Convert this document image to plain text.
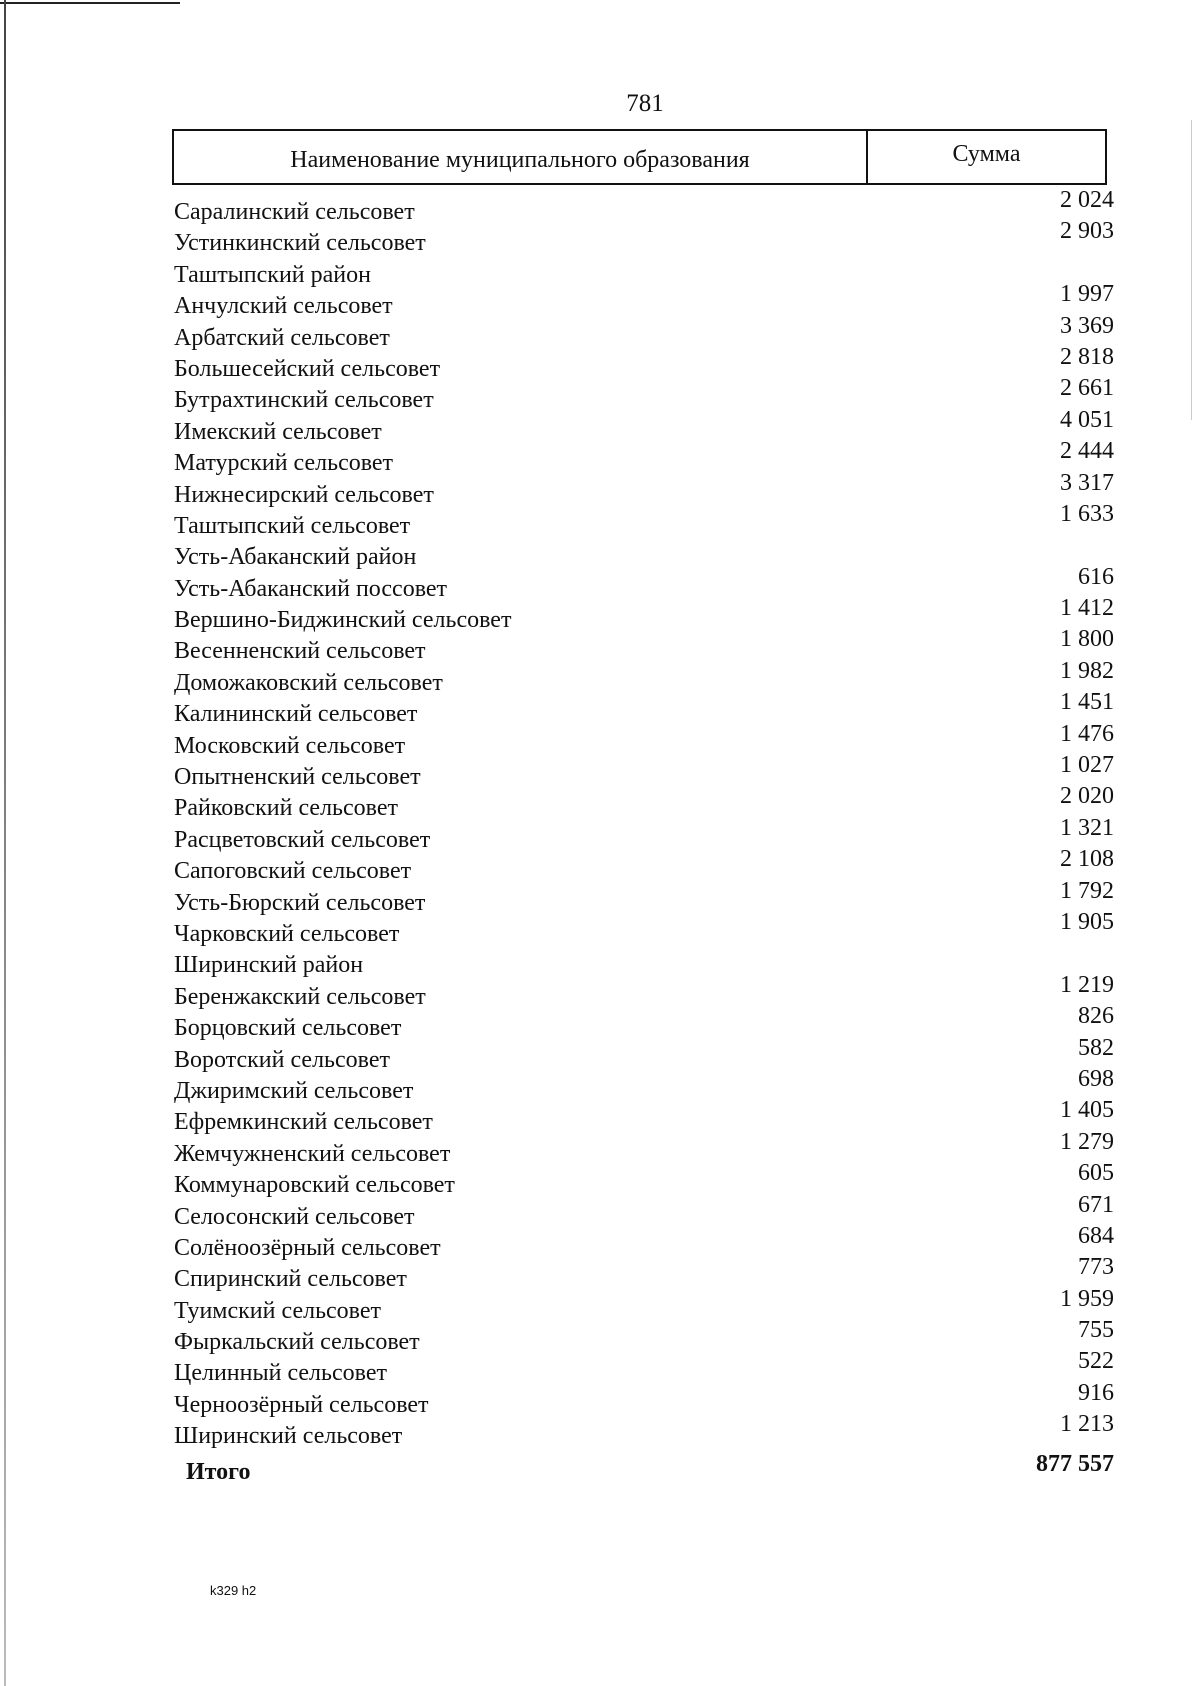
781
Наименование муниципального образования	Сумма
Саралинский сельсовет	2 024
Устинкинский сельсовет	2 903
Таштыпский район
Анчулский сельсовет	1 997
Арбатский сельсовет	3 369
Большесейский сельсовет	2 818
Бутрахтинский сельсовет	2 661
Имекский сельсовет	4 051
Матурский сельсовет	2 444
Нижнесирский сельсовет	3 317
Таштыпский сельсовет	1 633
Усть-Абаканский район
Усть-Абаканский поссовет	616
Вершино-Биджинский сельсовет	1 412
Весенненский сельсовет	1 800
Доможаковский сельсовет	1 982
Калининский сельсовет	1 451
Московский сельсовет	1 476
Опытненский сельсовет	1 027
Райковский сельсовет	2 020
Расцветовский сельсовет	1 321
Сапоговский сельсовет	2 108
Усть-Бюрский сельсовет	1 792
Чарковский сельсовет	1 905
Ширинский район
Беренжакский сельсовет	1 219
Борцовский сельсовет	826
Воротский сельсовет	582
Джиримский сельсовет	698
Ефремкинский сельсовет	1 405
Жемчужненский сельсовет	1 279
Коммунаровский сельсовет	605
Селосонский сельсовет	671
Солёноозёрный сельсовет	684
Спиринский сельсовет	773
Туимский сельсовет	1 959
Фыркальский сельсовет	755
Целинный сельсовет	522
Черноозёрный сельсовет	916
Ширинский сельсовет	1 213
Итого	877 557
k329 h2
